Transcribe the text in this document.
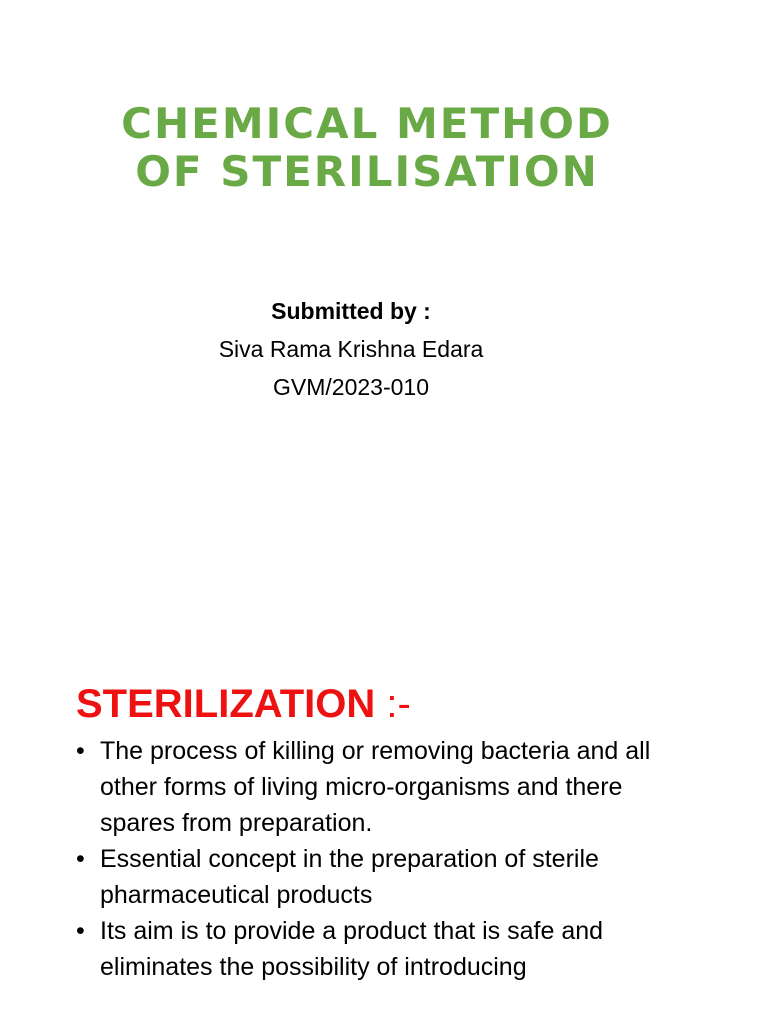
CHEMICAL METHOD
OF STERILISATION
Submitted by :
Siva Rama Krishna Edara
GVM/2023-010
STERILIZATION :-
• The process of killing or removing bacteria and all other forms of living micro-organisms and there spares from preparation.
• Essential concept in the preparation of sterile pharmaceutical products
• Its aim is to provide a product that is safe and eliminates the possibility of introducing
